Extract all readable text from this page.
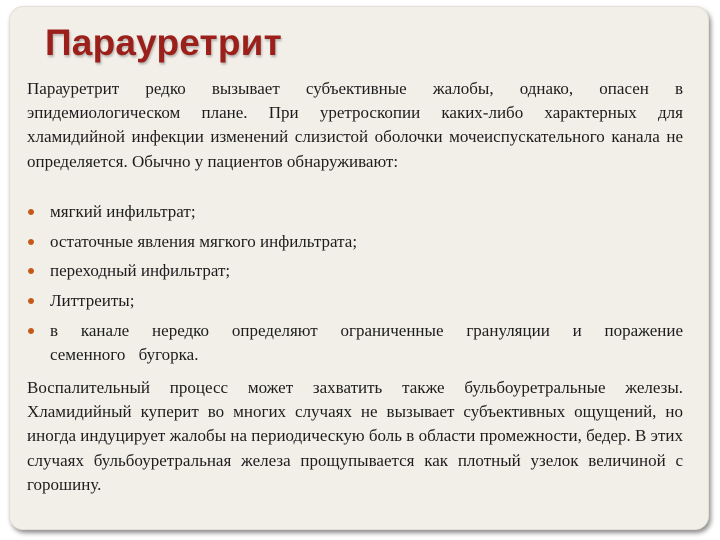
Парауретрит
Парауретрит редко вызывает субъективные жалобы, однако, опасен в эпидемиологическом плане. При уретроскопии каких-либо характерных для хламидийной инфекции изменений слизистой оболочки мочеиспускательного канала не определяется. Обычно у пациентов обнаруживают:
мягкий инфильтрат;
остаточные явления мягкого инфильтрата;
переходный инфильтрат;
Литтреиты;
в канале нередко определяют ограниченные грануляции и поражение семенного бугорка.
Воспалительный процесс может захватить также бульбоуретральные железы. Хламидийный куперит во многих случаях не вызывает субъективных ощущений, но иногда индуцирует жалобы на периодическую боль в области промежности, бедер. В этих случаях бульбоуретральная железа прощупывается как плотный узелок величиной с горошину.
